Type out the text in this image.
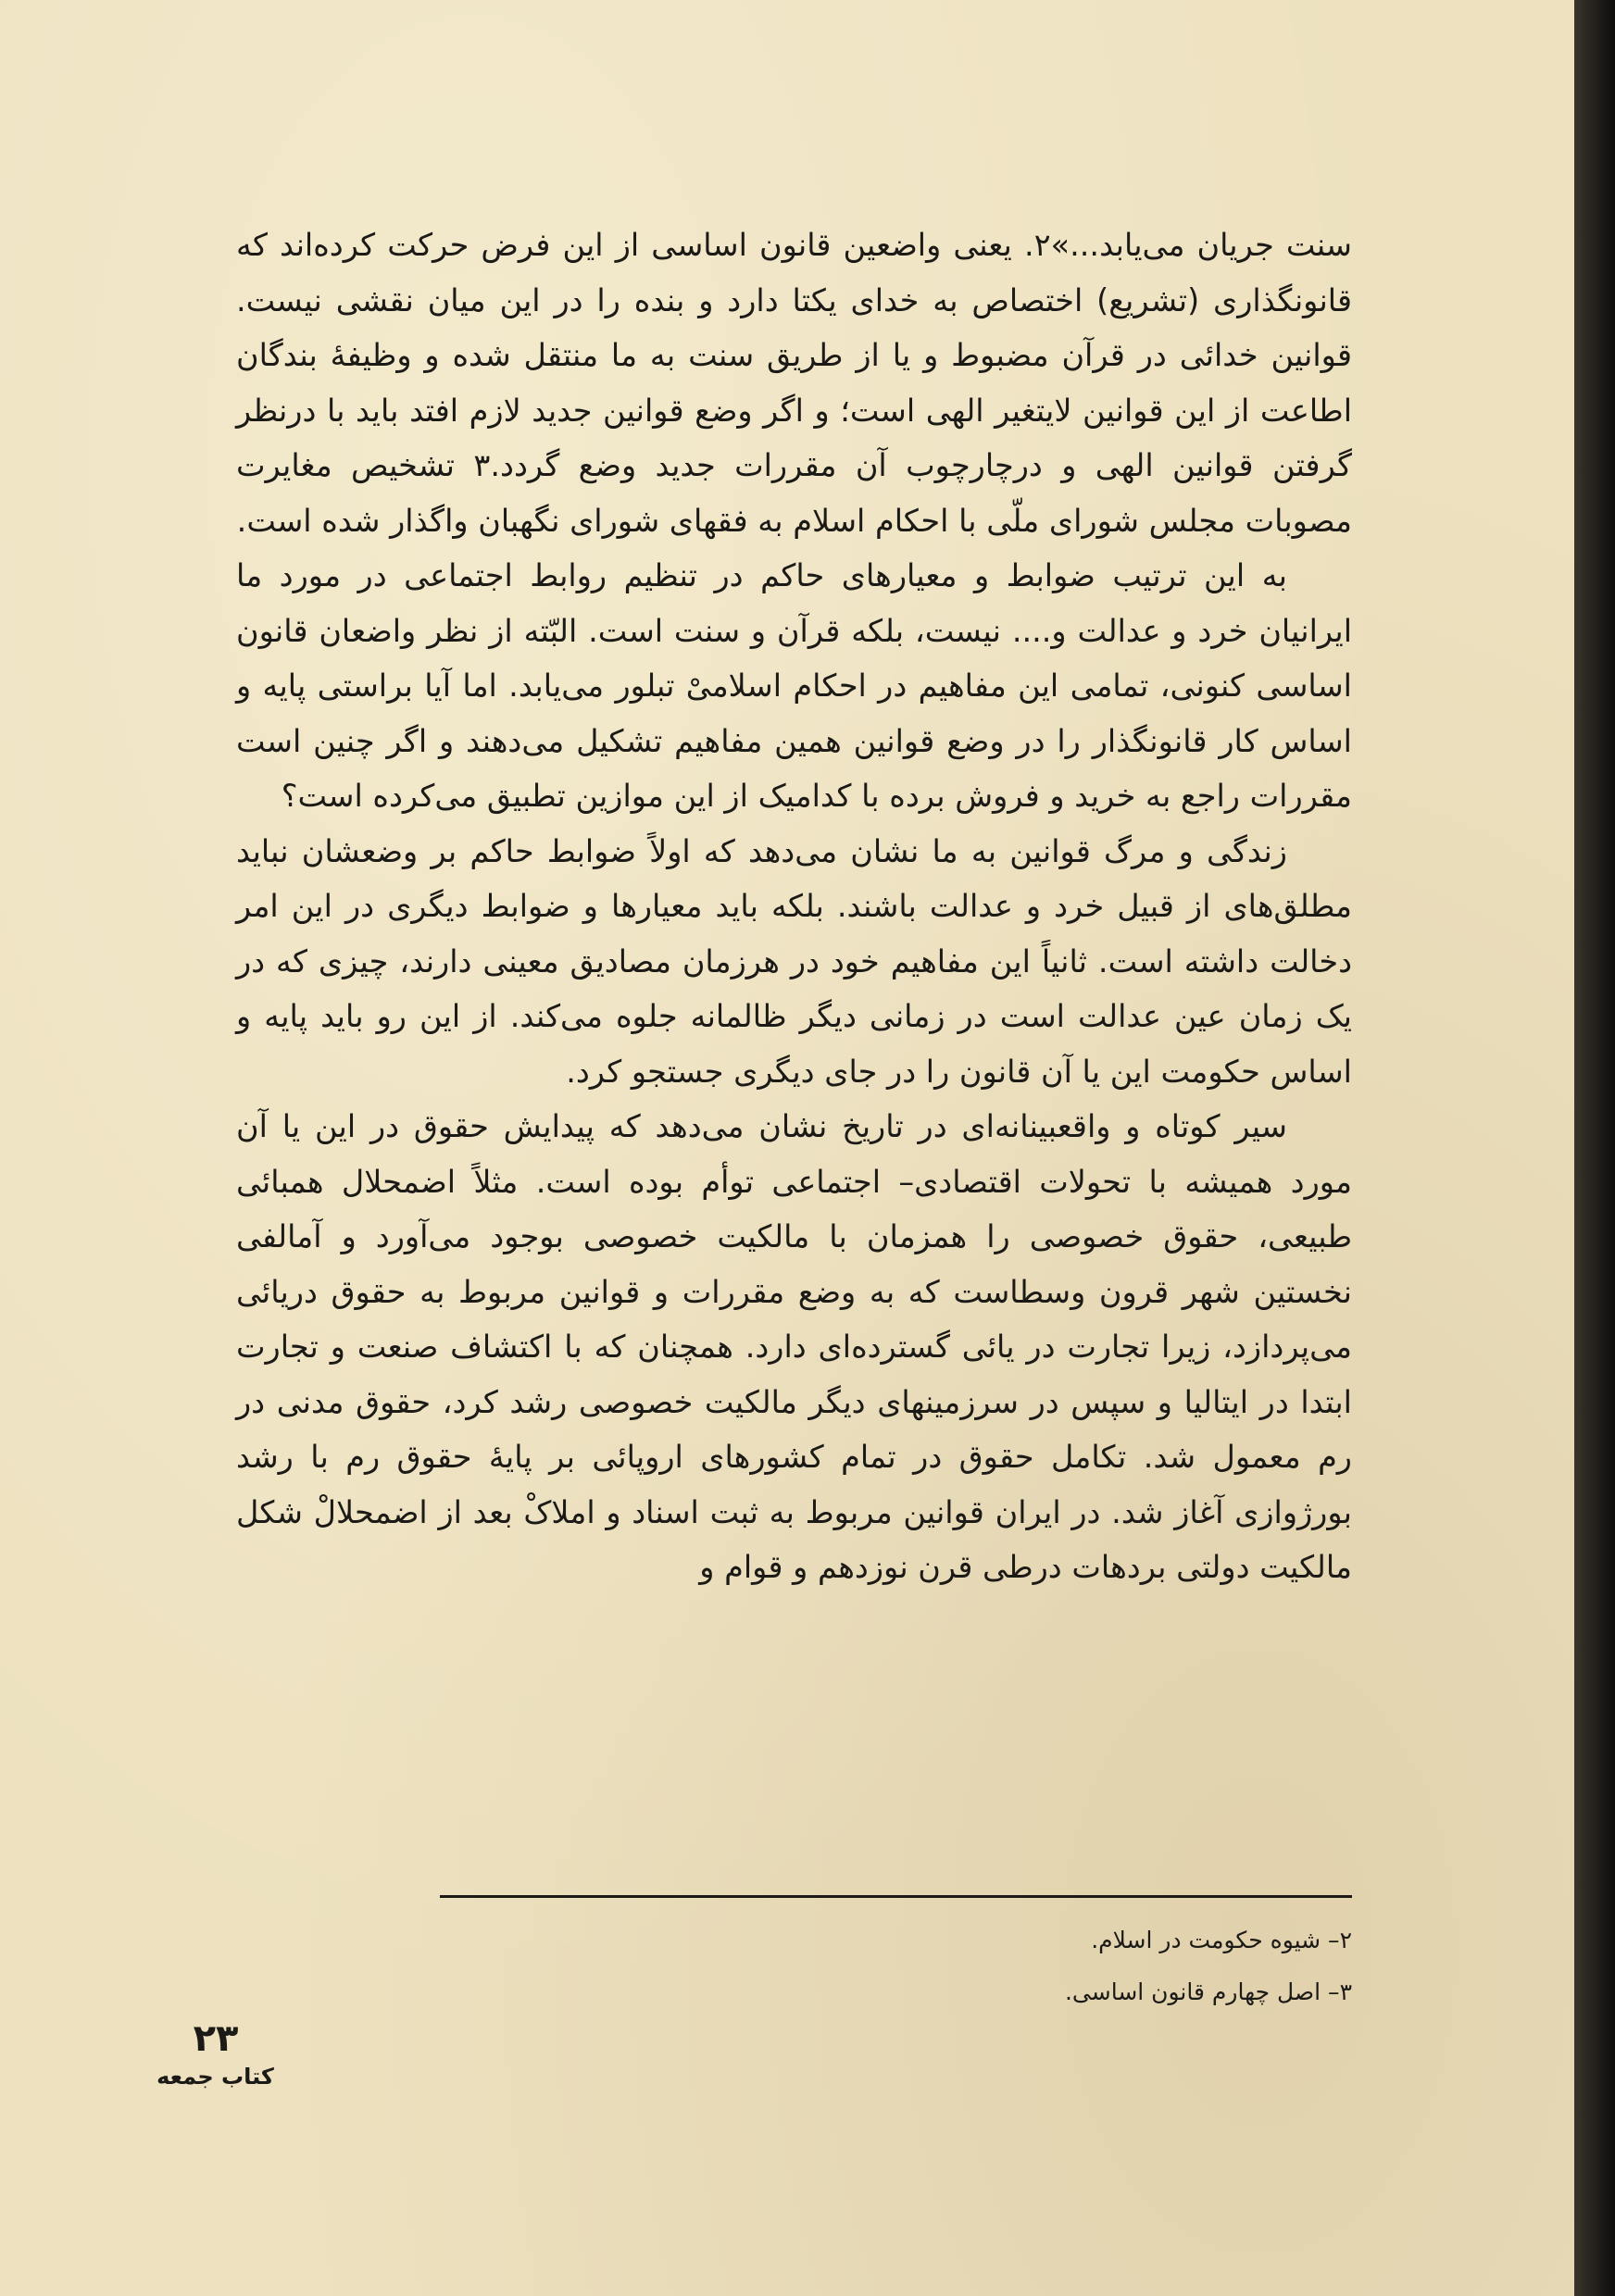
سنت جریان می‌یابد...»‏٢. یعنی واضعین قانون اساسی از این فرض حرکت کرده‌اند که قانونگذاری (تشریع) اختصاص به خدای یکتا دارد و بنده را در این میان نقشی نیست. قوانین خدائی در قرآن مضبوط و یا از طریق سنت به ما منتقل شده و وظیفهٔ بندگان اطاعت از این قوانین لایتغیر الهی است؛ و اگر وضع قوانین جدید لازم افتد باید با درنظر گرفتن قوانین الهی و درچارچوب آن مقررات جدید وضع گردد.٣ تشخیص مغایرت مصوبات مجلس شورای ملّی با احکام اسلام به فقهای شورای نگهبان واگذار شده است.

به این ترتیب ضوابط و معیارهای حاکم در تنظیم روابط اجتماعی در مورد ما ایرانیان خرد و عدالت و.... نیست، بلکه قرآن و سنت است. البّته از نظر واضعان قانون اساسی کنونی، تمامی این مفاهیم در احکام اسلامیْ تبلور می‌یابد. اما آیا براستی پایه و اساس کار قانونگذار را در وضع قوانین همین مفاهیم تشکیل می‌دهند و اگر چنین است مقررات راجع به خرید و فروش برده با کدامیک از این موازین تطبیق می‌کرده است؟

زندگی و مرگ قوانین به ما نشان می‌دهد که اولاً ضوابط حاکم بر وضعشان نباید مطلق‌های از قبیل خرد و عدالت باشند. بلکه باید معیارها و ضوابط دیگری در این امر دخالت داشته است. ثانیاً این مفاهیم خود در هرزمان مصادیق معینی دارند، چیزی که در یک زمان عین عدالت است در زمانی دیگر ظالمانه جلوه می‌کند. از این رو باید پایه و اساس حکومت این یا آن قانون را در جای دیگری جستجو کرد.

سیر کوتاه و واقعبینانه‌ای در تاریخ نشان می‌دهد که پیدایش حقوق در این یا آن مورد همیشه با تحولات اقتصادی– اجتماعی توأم بوده است. مثلاً اضمحلال همبائی طبیعی، حقوق خصوصی را همزمان با مالکیت خصوصی بوجود می‌آورد و آمالفی نخستین شهر قرون وسطاست که به وضع مقررات و قوانین مربوط به حقوق دریائی می‌پردازد، زیرا تجارت در یائی گسترده‌ای دارد. همچنان که با اکتشاف صنعت و تجارت ابتدا در ایتالیا و سپس در سرزمینهای دیگر مالکیت خصوصی رشد کرد، حقوق مدنی در رم معمول شد. تکامل حقوق در تمام کشورهای اروپائی بر پایهٔ حقوق رم با رشد بورژوازی آغاز شد. در ایران قوانین مربوط به ثبت اسناد و املاکْ بعد از اضمحلالْ شکل مالکیت دولتی بردهات درطی قرن نوزدهم و قوام و

٢– شیوه حکومت در اسلام.

٣– اصل چهارم قانون اساسی.

٢٣
کتاب جمعه
